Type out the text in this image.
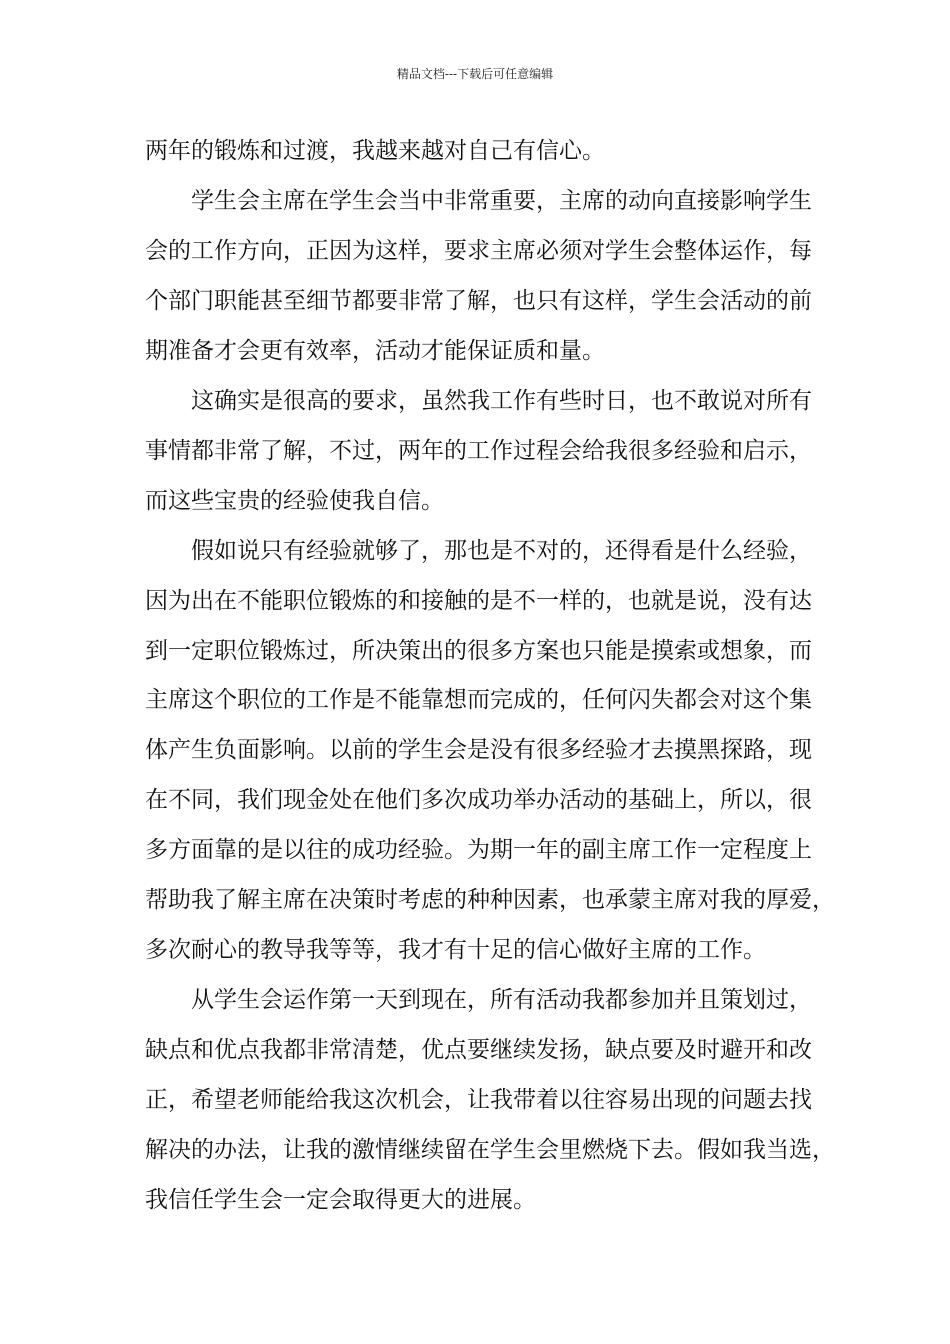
精品文档---下载后可任意编辑
两年的锻炼和过渡，我越来越对自己有信心。
学生会主席在学生会当中非常重要，主席的动向直接影响学生
会的工作方向，正因为这样，要求主席必须对学生会整体运作，每
个部门职能甚至细节都要非常了解，也只有这样，学生会活动的前
期准备才会更有效率，活动才能保证质和量。
这确实是很高的要求，虽然我工作有些时日，也不敢说对所有
事情都非常了解，不过，两年的工作过程会给我很多经验和启示，
而这些宝贵的经验使我自信。
假如说只有经验就够了，那也是不对的，还得看是什么经验，
因为出在不能职位锻炼的和接触的是不一样的，也就是说，没有达
到一定职位锻炼过，所决策出的很多方案也只能是摸索或想象，而
主席这个职位的工作是不能靠想而完成的，任何闪失都会对这个集
体产生负面影响。以前的学生会是没有很多经验才去摸黑探路，现
在不同，我们现金处在他们多次成功举办活动的基础上，所以，很
多方面靠的是以往的成功经验。为期一年的副主席工作一定程度上
帮助我了解主席在决策时考虑的种种因素，也承蒙主席对我的厚爱，
多次耐心的教导我等等，我才有十足的信心做好主席的工作。
从学生会运作第一天到现在，所有活动我都参加并且策划过，
缺点和优点我都非常清楚，优点要继续发扬，缺点要及时避开和改
正，希望老师能给我这次机会，让我带着以往容易出现的问题去找
解决的办法，让我的激情继续留在学生会里燃烧下去。假如我当选，
我信任学生会一定会取得更大的进展。
